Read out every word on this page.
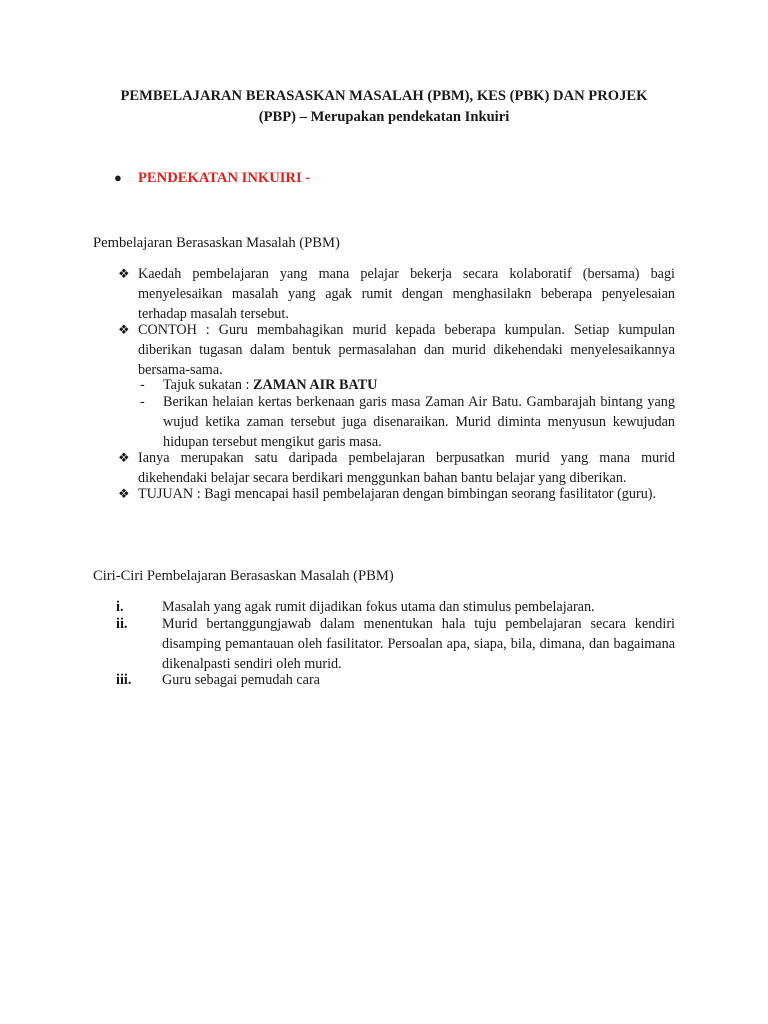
PEMBELAJARAN BERASASKAN MASALAH (PBM), KES (PBK) DAN PROJEK
(PBP) – Merupakan pendekatan Inkuiri
● PENDEKATAN INKUIRI -
Pembelajaran Berasaskan Masalah (PBM)
❖ Kaedah pembelajaran yang mana pelajar bekerja secara kolaboratif (bersama) bagi menyelesaikan masalah yang agak rumit dengan menghasilakn beberapa penyelesaian terhadap masalah tersebut.
❖ CONTOH : Guru membahagikan murid kepada beberapa kumpulan. Setiap kumpulan diberikan tugasan dalam bentuk permasalahan dan murid dikehendaki menyelesaikannya bersama-sama.
- Tajuk sukatan : ZAMAN AIR BATU
- Berikan helaian kertas berkenaan garis masa Zaman Air Batu. Gambarajah bintang yang wujud ketika zaman tersebut juga disenaraikan. Murid diminta menyusun kewujudan hidupan tersebut mengikut garis masa.
❖ Ianya merupakan satu daripada pembelajaran berpusatkan murid yang mana murid dikehendaki belajar secara berdikari menggunkan bahan bantu belajar yang diberikan.
❖ TUJUAN : Bagi mencapai hasil pembelajaran dengan bimbingan seorang fasilitator (guru).
Ciri-Ciri Pembelajaran Berasaskan Masalah (PBM)
i.	Masalah yang agak rumit dijadikan fokus utama dan stimulus pembelajaran.
ii. Murid bertanggungjawab dalam menentukan hala tuju pembelajaran secara kendiri disamping pemantauan oleh fasilitator. Persoalan apa, siapa, bila, dimana, dan bagaimana dikenalpasti sendiri oleh murid.
iii. Guru sebagai pemudah cara
